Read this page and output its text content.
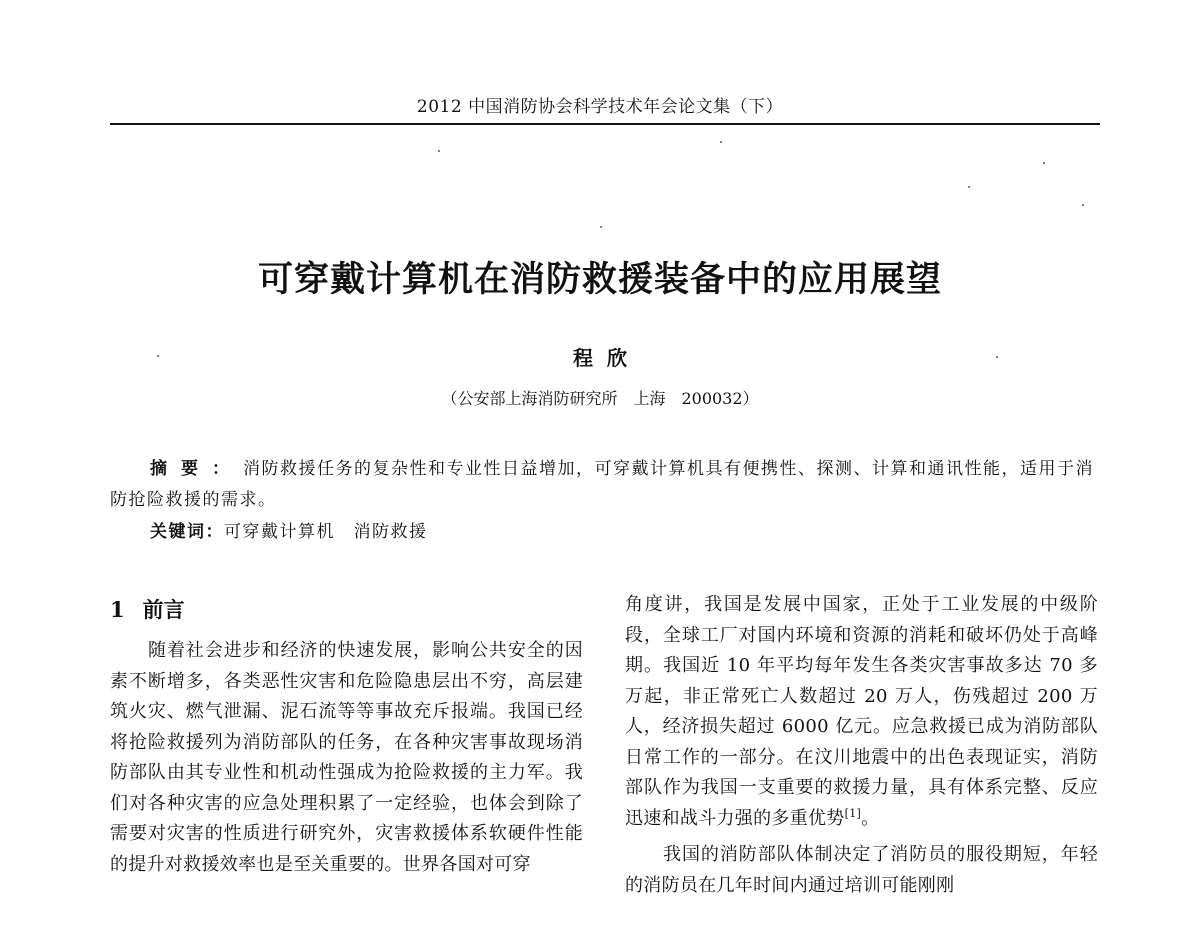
2012 中国消防协会科学技术年会论文集（下）
可穿戴计算机在消防救援装备中的应用展望
程欣
（公安部上海消防研究所　上海　200032）

摘要：消防救援任务的复杂性和专业性日益增加，可穿戴计算机具有便携性、探测、计算和通讯性能，适用于消防抢险救援的需求。

关键词：可穿戴计算机　消防救援

1 前言

随着社会进步和经济的快速发展，影响公共安全的因素不断增多，各类恶性灾害和危险隐患层出不穷，高层建筑火灾、燃气泄漏、泥石流等等事故充斥报端。我国已经将抢险救援列为消防部队的任务，在各种灾害事故现场消防部队由其专业性和机动性强成为抢险救援的主力军。我们对各种灾害的应急处理积累了一定经验，也体会到除了需要对灾害的性质进行研究外，灾害救援体系软硬件性能的提升对救援效率也是至关重要的。世界各国对可穿

角度讲，我国是发展中国家，正处于工业发展的中级阶段，全球工厂对国内环境和资源的消耗和破坏仍处于高峰期。我国近 10 年平均每年发生各类灾害事故多达 70 多万起，非正常死亡人数超过 20 万人，伤残超过 200 万人，经济损失超过 6000 亿元。应急救援已成为消防部队日常工作的一部分。在汶川地震中的出色表现证实，消防部队作为我国一支重要的救援力量，具有体系完整、反应迅速和战斗力强的多重优势[1]。

我国的消防部队体制决定了消防员的服役期短，年轻的消防员在几年时间内通过培训可能刚刚
